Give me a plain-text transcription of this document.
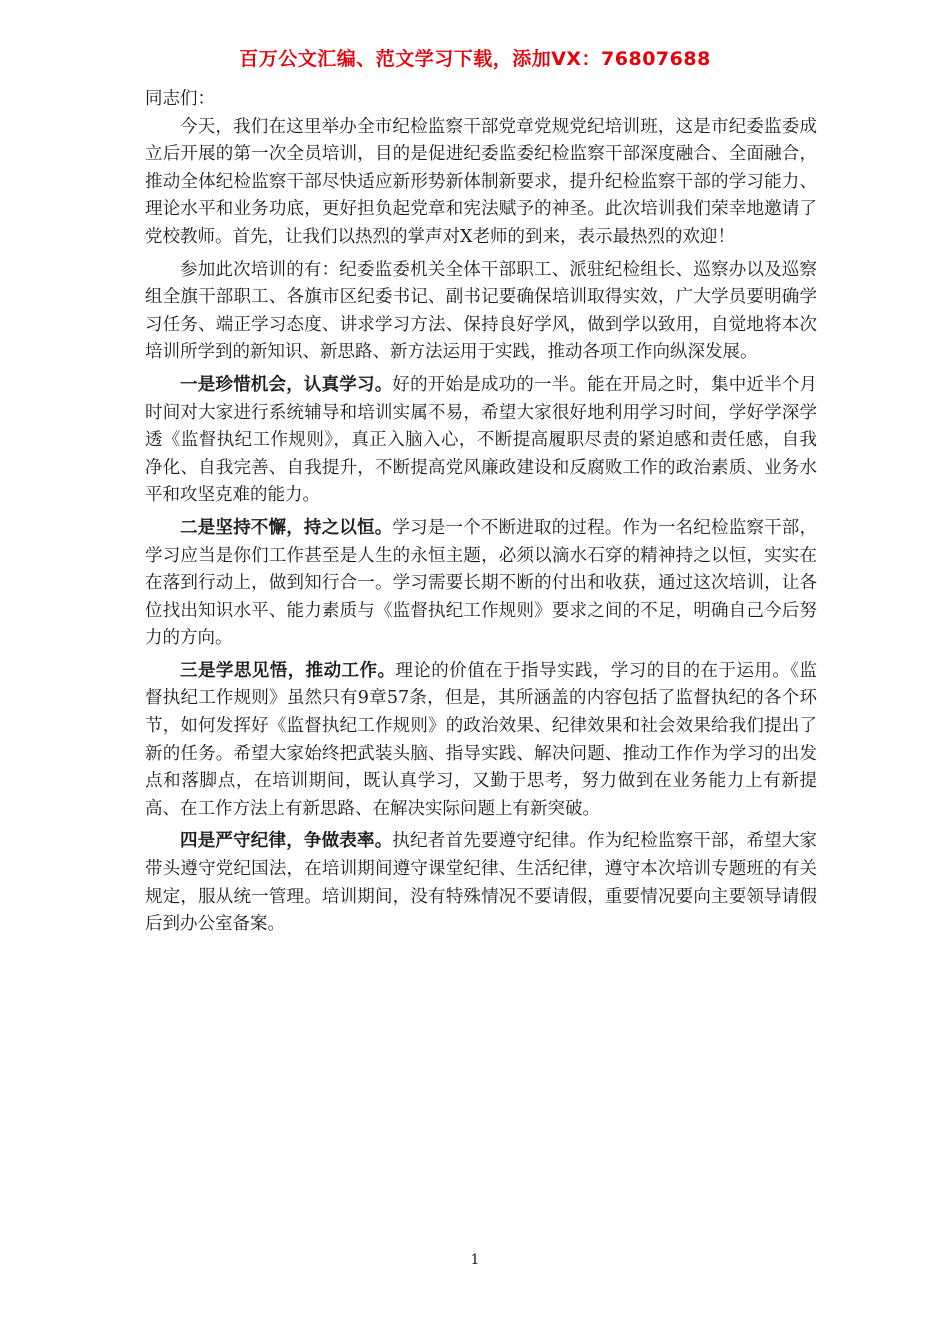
百万公文汇编、范文学习下载，添加VX：76807688

同志们：

今天，我们在这里举办全市纪检监察干部党章党规党纪培训班，这是市纪委监委成立后开展的第一次全员培训，目的是促进纪委监委纪检监察干部深度融合、全面融合，推动全体纪检监察干部尽快适应新形势新体制新要求，提升纪检监察干部的学习能力、理论水平和业务功底，更好担负起党章和宪法赋予的神圣。此次培训我们荣幸地邀请了党校教师。首先，让我们以热烈的掌声对X老师的到来，表示最热烈的欢迎！

参加此次培训的有：纪委监委机关全体干部职工、派驻纪检组长、巡察办以及巡察组全旗干部职工、各旗市区纪委书记、副书记要确保培训取得实效，广大学员要明确学习任务、端正学习态度、讲求学习方法、保持良好学风，做到学以致用，自觉地将本次培训所学到的新知识、新思路、新方法运用于实践，推动各项工作向纵深发展。

一是珍惜机会，认真学习。好的开始是成功的一半。能在开局之时，集中近半个月时间对大家进行系统辅导和培训实属不易，希望大家很好地利用学习时间，学好学深学透《监督执纪工作规则》，真正入脑入心，不断提高履职尽责的紧迫感和责任感，自我净化、自我完善、自我提升，不断提高党风廉政建设和反腐败工作的政治素质、业务水平和攻坚克难的能力。

二是坚持不懈，持之以恒。学习是一个不断进取的过程。作为一名纪检监察干部，学习应当是你们工作甚至是人生的永恒主题，必须以滴水石穿的精神持之以恒，实实在在落到行动上，做到知行合一。学习需要长期不断的付出和收获，通过这次培训，让各位找出知识水平、能力素质与《监督执纪工作规则》要求之间的不足，明确自己今后努力的方向。

三是学思见悟，推动工作。理论的价值在于指导实践，学习的目的在于运用。《监督执纪工作规则》虽然只有9章57条，但是，其所涵盖的内容包括了监督执纪的各个环节，如何发挥好《监督执纪工作规则》的政治效果、纪律效果和社会效果给我们提出了新的任务。希望大家始终把武装头脑、指导实践、解决问题、推动工作作为学习的出发点和落脚点，在培训期间，既认真学习，又勤于思考，努力做到在业务能力上有新提高、在工作方法上有新思路、在解决实际问题上有新突破。

四是严守纪律，争做表率。执纪者首先要遵守纪律。作为纪检监察干部，希望大家带头遵守党纪国法，在培训期间遵守课堂纪律、生活纪律，遵守本次培训专题班的有关规定，服从统一管理。培训期间，没有特殊情况不要请假，重要情况要向主要领导请假后到办公室备案。

1
